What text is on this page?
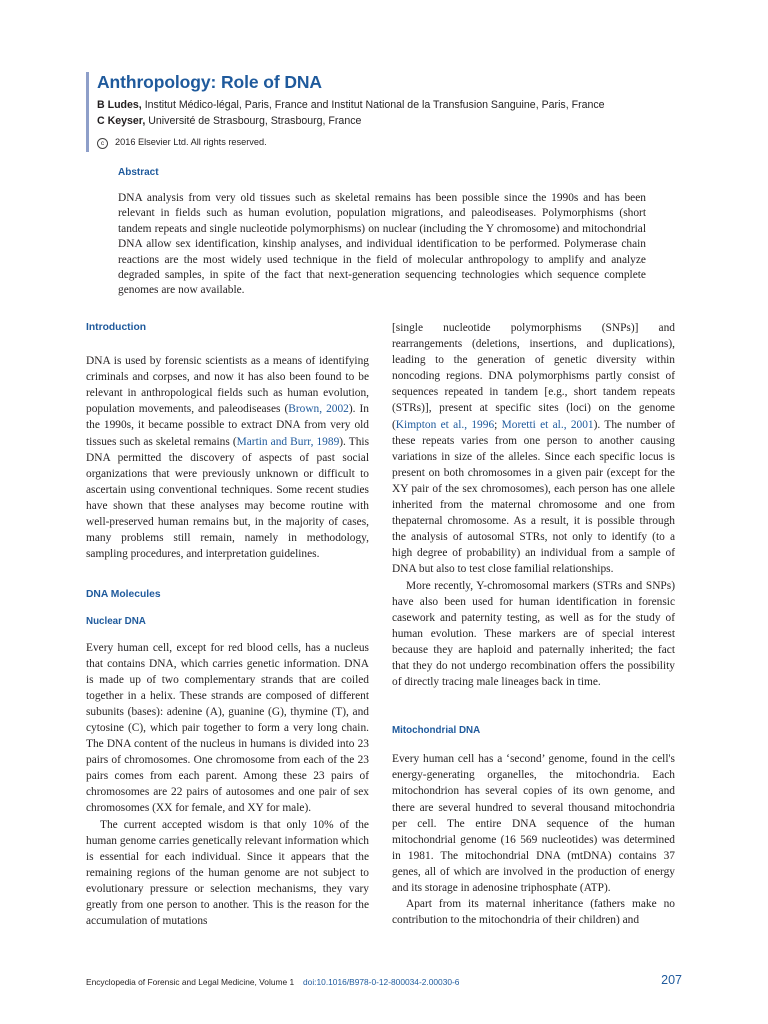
Anthropology: Role of DNA
B Ludes, Institut Médico-légal, Paris, France and Institut National de la Transfusion Sanguine, Paris, France
C Keyser, Université de Strasbourg, Strasbourg, France
c 2016 Elsevier Ltd. All rights reserved.
Abstract
DNA analysis from very old tissues such as skeletal remains has been possible since the 1990s and has been relevant in fields such as human evolution, population migrations, and paleodiseases. Polymorphisms (short tandem repeats and single nucleotide polymorphisms) on nuclear (including the Y chromosome) and mitochondrial DNA allow sex identification, kinship analyses, and individual identification to be performed. Polymerase chain reactions are the most widely used technique in the field of molecular anthropology to amplify and analyze degraded samples, in spite of the fact that next-generation sequencing technologies which sequence complete genomes are now available.
Introduction

DNA is used by forensic scientists as a means of identifying criminals and corpses, and now it has also been found to be relevant in anthropological fields such as human evolution, population movements, and paleodiseases (Brown, 2002). In the 1990s, it became possible to extract DNA from very old tissues such as skeletal remains (Martin and Burr, 1989). This DNA permitted the discovery of aspects of past social organizations that were previously unknown or difficult to ascertain using conventional techniques. Some recent studies have shown that these analyses may become routine with well-preserved human remains but, in the majority of cases, many problems still remain, namely in methodology, sampling procedures, and interpretation guidelines.

DNA Molecules
Nuclear DNA

Every human cell, except for red blood cells, has a nucleus that contains DNA, which carries genetic information. DNA is made up of two complementary strands that are coiled together in a helix. These strands are composed of different subunits (bases): adenine (A), guanine (G), thymine (T), and cytosine (C), which pair together to form a very long chain. The DNA content of the nucleus in humans is divided into 23 pairs of chromosomes. One chromosome from each of the 23 pairs comes from each parent. Among these 23 pairs of chromosomes are 22 pairs of autosomes and one pair of sex chromosomes (XX for female, and XY for male).

The current accepted wisdom is that only 10% of the human genome carries genetically relevant information which is essential for each individual. Since it appears that the remaining regions of the human genome are not subject to evolutionary pressure or selection mechanisms, they vary greatly from one person to another. This is the reason for the accumulation of mutations

[single nucleotide polymorphisms (SNPs)] and rearrangements (deletions, insertions, and duplications), leading to the generation of genetic diversity within noncoding regions. DNA polymorphisms partly consist of sequences repeated in tandem [e.g., short tandem repeats (STRs)], present at specific sites (loci) on the genome (Kimpton et al., 1996; Moretti et al., 2001). The number of these repeats varies from one person to another causing variations in size of the alleles. Since each specific locus is present on both chromosomes in a given pair (except for the XY pair of the sex chromosomes), each person has one allele inherited from the maternal chromosome and one from thepaternal chromosome. As a result, it is possible through the analysis of autosomal STRs, not only to identify (to a high degree of probability) an individual from a sample of DNA but also to test close familial relationships.

More recently, Y-chromosomal markers (STRs and SNPs) have also been used for human identification in forensic casework and paternity testing, as well as for the study of human evolution. These markers are of special interest because they are haploid and paternally inherited; the fact that they do not undergo recombination offers the possibility of directly tracing male lineages back in time.

Mitochondrial DNA

Every human cell has a ‘second’ genome, found in the cell's energy-generating organelles, the mitochondria. Each mitochondrion has several copies of its own genome, and there are several hundred to several thousand mitochondria per cell. The entire DNA sequence of the human mitochondrial genome (16 569 nucleotides) was determined in 1981. The mitochondrial DNA (mtDNA) contains 37 genes, all of which are involved in the production of energy and its storage in adenosine triphosphate (ATP).

Apart from its maternal inheritance (fathers make no contribution to the mitochondria of their children) and

Encyclopedia of Forensic and Legal Medicine, Volume 1 doi:10.1016/B978-0-12-800034-2.00030-6	207
